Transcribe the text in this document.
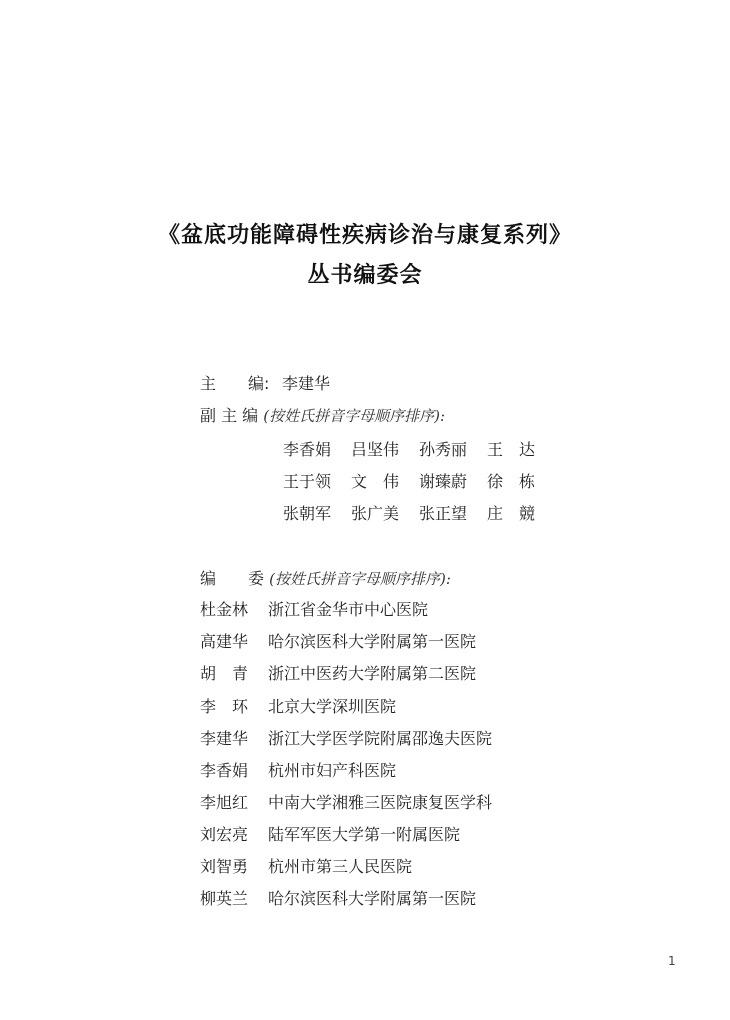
《盆底功能障碍性疾病诊治与康复系列》
丛书编委会
主　　编: 李建华
副 主 编 (按姓氏拼音字母顺序排序):
李香娟 吕坚伟 孙秀丽 王　达
王于领 文　伟 谢臻蔚 徐　栋
张朝军 张广美 张正望 庄　競
编　　委 (按姓氏拼音字母顺序排序):
杜金林 浙江省金华市中心医院
高建华 哈尔滨医科大学附属第一医院
胡　青 浙江中医药大学附属第二医院
李　环 北京大学深圳医院
李建华 浙江大学医学院附属邵逸夫医院
李香娟 杭州市妇产科医院
李旭红 中南大学湘雅三医院康复医学科
刘宏亮 陆军军医大学第一附属医院
刘智勇 杭州市第三人民医院
柳英兰 哈尔滨医科大学附属第一医院
1
